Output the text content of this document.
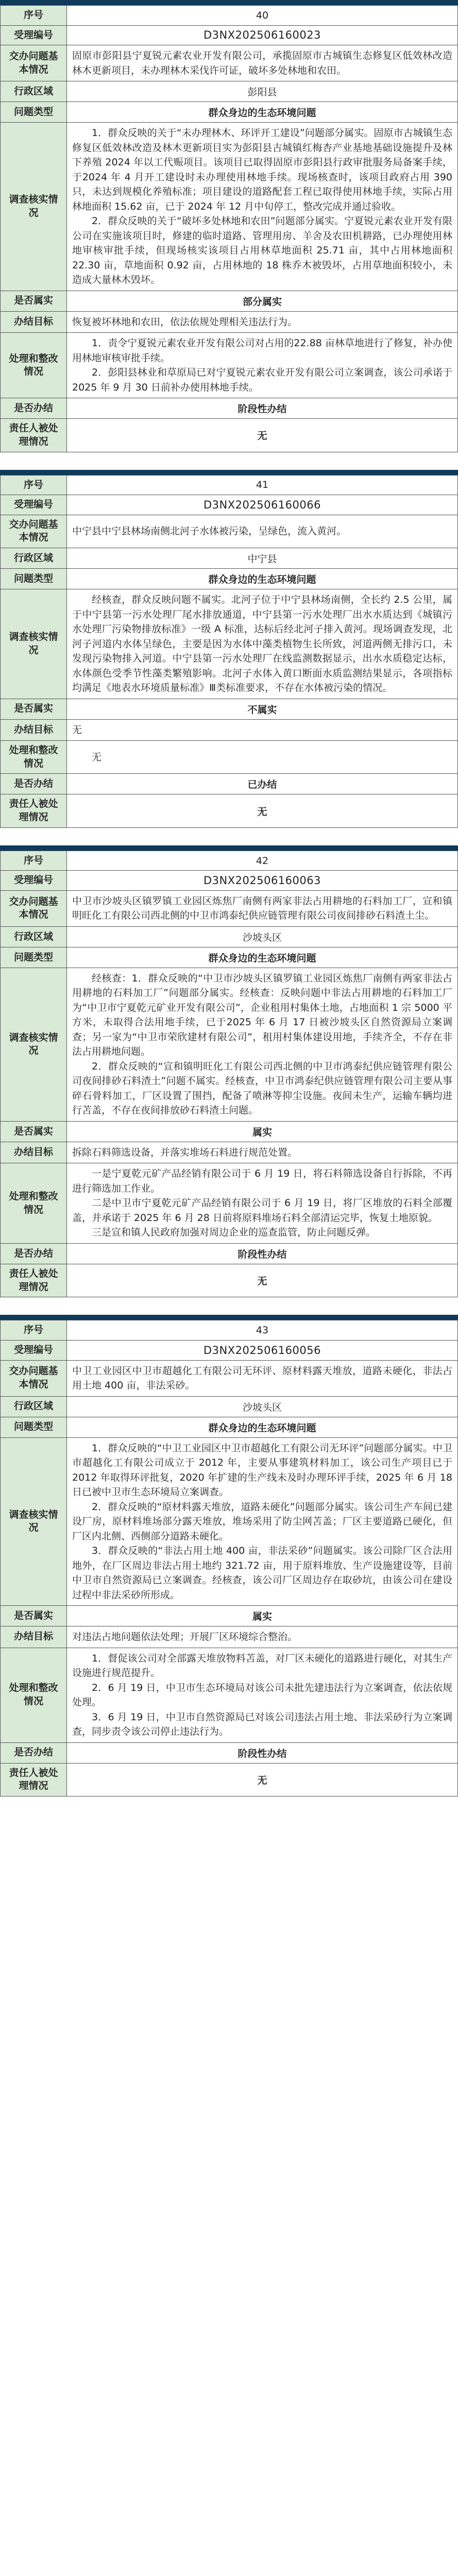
序号	40
受理编号	D3NX202506160023
交办问题基本情况	固原市彭阳县宁夏锐元素农业开发有限公司，承揽固原市古城镇生态修复区低效林改造林木更新项目，未办理林木采伐许可证，破坏多处林地和农田。
行政区域	彭阳县
问题类型	群众身边的生态环境问题
调查核实情况	1．群众反映的关于“未办理林木、环评开工建设”问题部分属实。固原市古城镇生态修复区低效林改造及林木更新项目实为彭阳县古城镇红梅杏产业基地基础设施提升及林下养殖 2024 年以工代赈项目。该项目已取得固原市彭阳县行政审批服务局备案手续，于2024 年 4 月开工建设时未办理使用林地手续。现场核查时，该项目政府占用 390 只，未达到规模化养殖标准；项目建设的道路配套工程已取得使用林地手续，实际占用林地面积 15.62 亩，已于 2024 年 12 月中旬停工，整改完成并通过验收。

2．群众反映的关于“破坏多处林地和农田”问题部分属实。宁夏锐元素农业开发有限公司在实施该项目时，修建的临时道路、管理用房、羊舍及农田机耕路，已办理使用林地审核审批手续，但现场核实该项目占用林草地面积 25.71 亩，其中占用林地面积 22.30 亩，草地面积 0.92 亩，占用林地的 18 株乔木被毁坏，占用草地面积较小，未造成大量林木毁坏。

是否属实	部分属实
办结目标	恢复被坏林地和农田，依法依规处理相关违法行为。
处理和整改情况	1．责令宁夏锐元素农业开发有限公司对占用的22.88 亩林草地进行了修复，补办使用林地审核审批手续。

2．彭阳县林业和草原局已对宁夏锐元素农业开发有限公司立案调查，该公司承诺于2025 年 9 月 30 日前补办使用林地手续。

是否办结	阶段性办结
责任人被处理情况	无
序号	41
受理编号	D3NX202506160066
交办问题基本情况	中宁县中宁县林场南侧北河子水体被污染，呈绿色，流入黄河。
行政区域	中宁县
问题类型	群众身边的生态环境问题
调查核实情况	经核查，群众反映问题不属实。北河子位于中宁县林场南侧，全长约 2.5 公里，属于中宁县第一污水处理厂尾水排放通道，中宁县第一污水处理厂出水水质达到《城镇污水处理厂污染物排放标准》一级 A 标准，达标后经北河子排入黄河。现场调查发现，北河子河道内水体呈绿色，主要是因为水体中藻类植物生长所致，河道两侧无排污口，未发现污染物排入河道。中宁县第一污水处理厂在线监测数据显示，出水水质稳定达标，水体颜色受季节性藻类繁殖影响。北河子水体入黄口断面水质监测结果显示，各项指标均满足《地表水环境质量标准》Ⅲ类标准要求，不存在水体被污染的情况。

是否属实	不属实
办结目标	无
处理和整改情况	无

是否办结	已办结
责任人被处理情况	无
序号	42
受理编号	D3NX202506160063
交办问题基本情况	中卫市沙坡头区镇罗镇工业园区炼焦厂南侧有两家非法占用耕地的石料加工厂，宣和镇明旺化工有限公司西北侧的中卫市鸿泰纪供应链管理有限公司夜间排砂石料渣土尘。
行政区域	沙坡头区
问题类型	群众身边的生态环境问题
调查核实情况	经核查：1．群众反映的“中卫市沙坡头区镇罗镇工业园区炼焦厂南侧有两家非法占用耕地的石料加工厂”问题部分属实。经核查：反映问题中非法占用耕地的石料加工厂为“中卫市宁夏乾元矿业开发有限公司”，企业租用村集体土地，占地面积 1 宗 5000 平方米，未取得合法用地手续，已于2025 年 6 月 17 日被沙坡头区自然资源局立案调查；另一家为“中卫市荣欣建材有限公司”，租用村集体建设用地，手续齐全，不存在非法占用耕地问题。

2．群众反映的“宣和镇明旺化工有限公司西北侧的中卫市鸿泰纪供应链管理有限公司夜间排砂石料渣土”问题不属实。经核查，中卫市鸿泰纪供应链管理有限公司主要从事碎石骨料加工，厂区设置了围挡，配备了喷淋等抑尘设施。夜间未生产，运输车辆均进行苫盖，不存在夜间排放砂石料渣土问题。

是否属实	属实
办结目标	拆除石料筛选设备，并落实堆场石料进行规范处置。
处理和整改情况	一是宁夏乾元矿产品经销有限公司于 6 月 19 日，将石料筛选设备自行拆除，不再进行筛选加工作业。

二是中卫市宁夏乾元矿产品经销有限公司于 6 月 19 日，将厂区堆放的石料全部覆盖，并承诺于 2025 年 6 月 28 日前将原料堆场石料全部清运完毕，恢复土地原貌。

三是宣和镇人民政府加强对周边企业的巡查监管，防止问题反弹。

是否办结	阶段性办结
责任人被处理情况	无
序号	43
受理编号	D3NX202506160056
交办问题基本情况	中卫工业园区中卫市超越化工有限公司无环评、原材料露天堆放，道路未硬化，非法占用土地 400 亩，非法采砂。
行政区域	沙坡头区
问题类型	群众身边的生态环境问题
调查核实情况	1．群众反映的“中卫工业园区中卫市超越化工有限公司无环评”问题部分属实。中卫市超越化工有限公司成立于 2012 年，主要从事建筑材料加工，该公司生产项目已于 2012 年取得环评批复，2020 年扩建的生产线未及时办理环评手续，2025 年 6 月 18 日已被中卫市生态环境局立案调查。

2．群众反映的“原材料露天堆放，道路未硬化”问题部分属实。该公司生产车间已建设厂房，原材料堆场部分露天堆放，堆场采用了防尘网苫盖；厂区主要道路已硬化，但厂区内北侧、西侧部分道路未硬化。

3．群众反映的“非法占用土地 400 亩，非法采砂”问题属实。该公司除厂区合法用地外，在厂区周边非法占用土地约 321.72 亩，用于原料堆放、生产设施建设等，目前中卫市自然资源局已立案调查。经核查，该公司厂区周边存在取砂坑，由该公司在建设过程中非法采砂所形成。

是否属实	属实
办结目标	对违法占地问题依法处理；开展厂区环境综合整治。
处理和整改情况	1．督促该公司对全部露天堆放物料苫盖，对厂区未硬化的道路进行硬化，对其生产设施进行规范提升。

2．6 月 19 日，中卫市生态环境局对该公司未批先建违法行为立案调查，依法依规处理。

3．6 月 19 日，中卫市自然资源局已对该公司违法占用土地、非法采砂行为立案调查，同步责令该公司停止违法行为。

是否办结	阶段性办结
责任人被处理情况	无
